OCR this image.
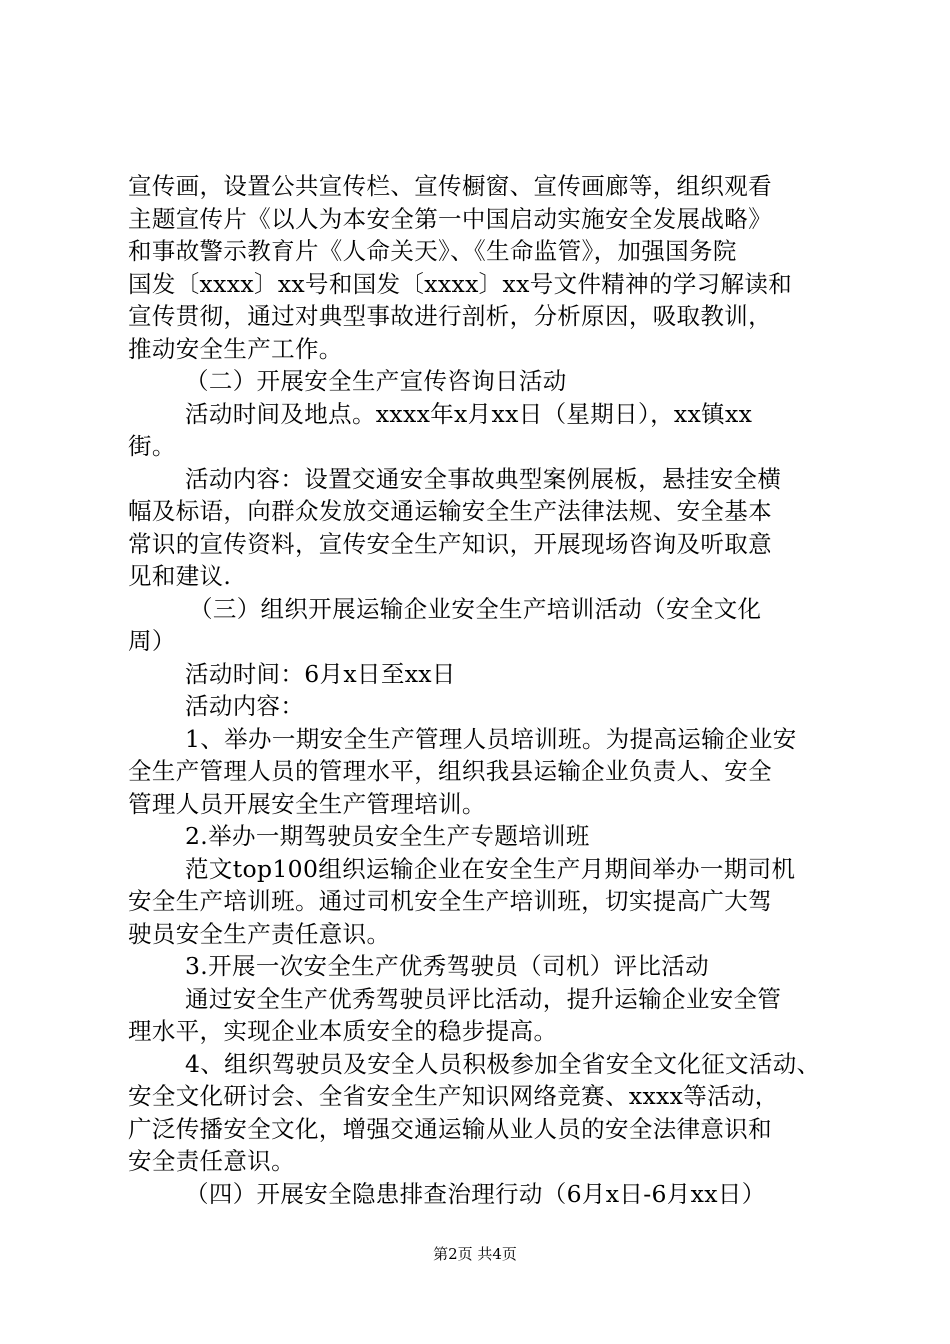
宣传画，设置公共宣传栏、宣传橱窗、宣传画廊等，组织观看
主题宣传片《以人为本安全第一中国启动实施安全发展战略》
和事故警示教育片《人命关天》、《生命监管》，加强国务院
国发〔xxxx〕xx号和国发〔xxxx〕xx号文件精神的学习解读和
宣传贯彻，通过对典型事故进行剖析，分析原因，吸取教训，
推动安全生产工作。
（二）开展安全生产宣传咨询日活动
活动时间及地点。xxxx年x月xx日（星期日），xx镇xx
街。
活动内容：设置交通安全事故典型案例展板，悬挂安全横
幅及标语，向群众发放交通运输安全生产法律法规、安全基本
常识的宣传资料，宣传安全生产知识，开展现场咨询及听取意
见和建议.
（三）组织开展运输企业安全生产培训活动（安全文化
周）
活动时间：6月x日至xx日
活动内容：
1、举办一期安全生产管理人员培训班。为提高运输企业安
全生产管理人员的管理水平，组织我县运输企业负责人、安全
管理人员开展安全生产管理培训。
2.举办一期驾驶员安全生产专题培训班
范文top100组织运输企业在安全生产月期间举办一期司机
安全生产培训班。通过司机安全生产培训班，切实提高广大驾
驶员安全生产责任意识。
3.开展一次安全生产优秀驾驶员（司机）评比活动
通过安全生产优秀驾驶员评比活动，提升运输企业安全管
理水平，实现企业本质安全的稳步提高。
4、组织驾驶员及安全人员积极参加全省安全文化征文活动、
安全文化研讨会、全省安全生产知识网络竞赛、xxxx等活动，
广泛传播安全文化，增强交通运输从业人员的安全法律意识和
安全责任意识。
（四）开展安全隐患排查治理行动（6月x日-6月xx日）
第2页 共4页
